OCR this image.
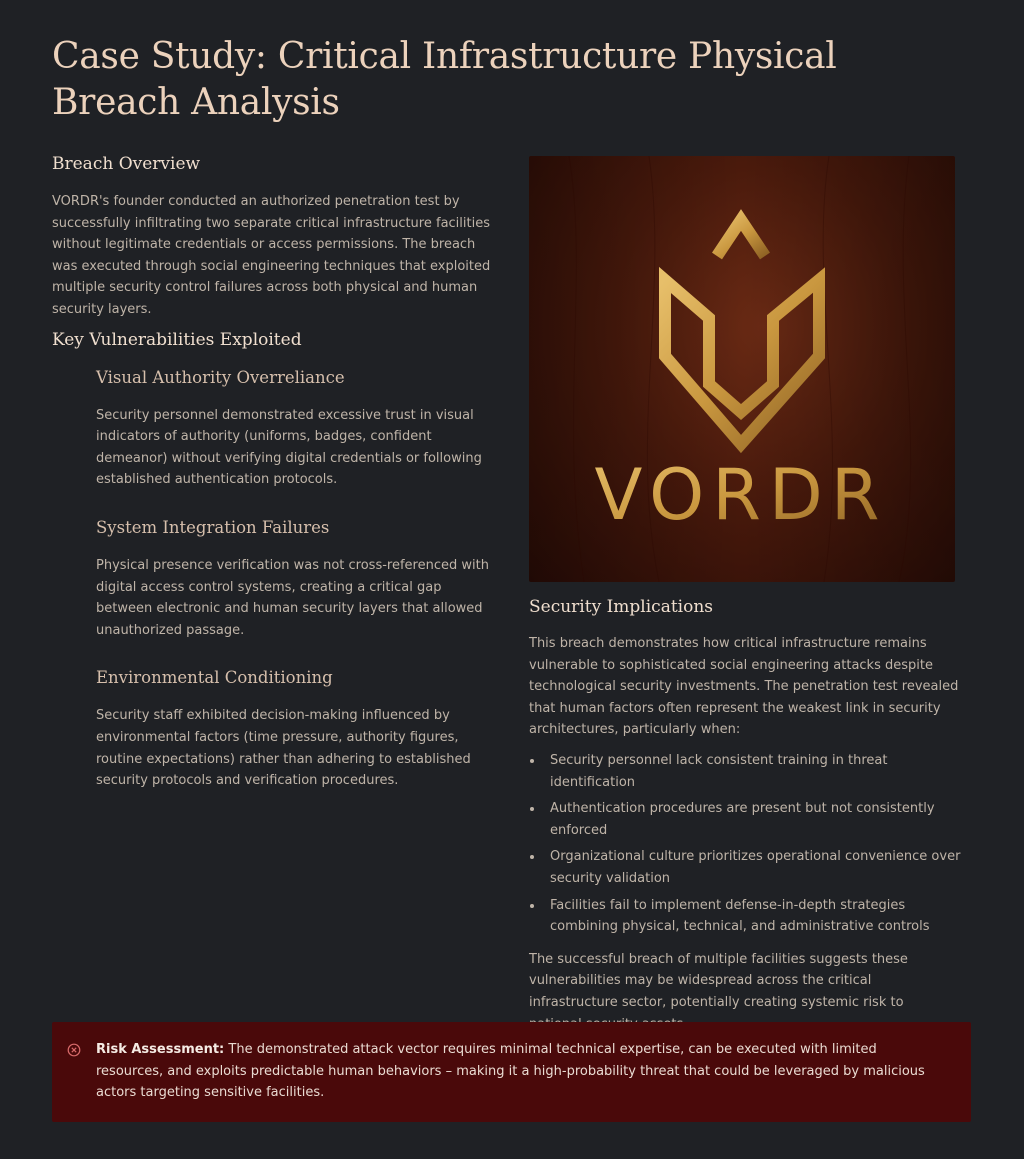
Case Study: Critical Infrastructure Physical Breach Analysis
Breach Overview

VORDR's founder conducted an authorized penetration test by successfully infiltrating two separate critical infrastructure facilities without legitimate credentials or access permissions. The breach was executed through social engineering techniques that exploited multiple security control failures across both physical and human security layers.

Key Vulnerabilities Exploited
Visual Authority Overreliance

Security personnel demonstrated excessive trust in visual indicators of authority (uniforms, badges, confident demeanor) without verifying digital credentials or following established authentication protocols.

System Integration Failures

Physical presence verification was not cross-referenced with digital access control systems, creating a critical gap between electronic and human security layers that allowed unauthorized passage.

Environmental Conditioning

Security staff exhibited decision-making influenced by environmental factors (time pressure, authority figures, routine expectations) rather than adhering to established security protocols and verification procedures.

VORDR
Security Implications

This breach demonstrates how critical infrastructure remains vulnerable to sophisticated social engineering attacks despite technological security investments. The penetration test revealed that human factors often represent the weakest link in security architectures, particularly when:

Security personnel lack consistent training in threat identification
Authentication procedures are present but not consistently enforced
Organizational culture prioritizes operational convenience over security validation
Facilities fail to implement defense-in-depth strategies combining physical, technical, and administrative controls

The successful breach of multiple facilities suggests these vulnerabilities may be widespread across the critical infrastructure sector, potentially creating systemic risk to

Risk Assessment: The demonstrated attack vector requires minimal technical expertise, can be executed with limited resources, and exploits predictable human behaviors – making it a high-probability threat that could be leveraged by malicious actors targeting sensitive facilities.
